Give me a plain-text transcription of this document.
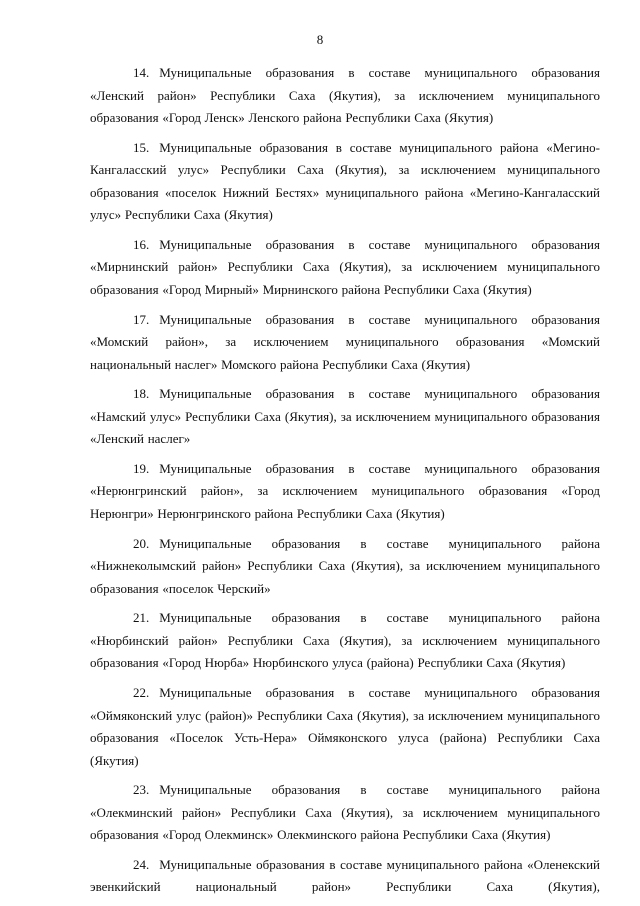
8

14. Муниципальные образования в составе муниципального образования «Ленский район» Республики Саха (Якутия), за исключением муниципального образования «Город Ленск» Ленского района Республики Саха (Якутия)

15. Муниципальные образования в составе муниципального района «Мегино-Кангаласский улус» Республики Саха (Якутия), за исключением муниципального образования «поселок Нижний Бестях» муниципального района «Мегино-Кангаласский улус» Республики Саха (Якутия)

16. Муниципальные образования в составе муниципального образования «Мирнинский район» Республики Саха (Якутия), за исключением муниципального образования «Город Мирный» Мирнинского района Республики Саха (Якутия)

17. Муниципальные образования в составе муниципального образования «Момский район», за исключением муниципального образования «Момский национальный наслег» Момского района Республики Саха (Якутия)

18. Муниципальные образования в составе муниципального образования «Намский улус» Республики Саха (Якутия), за исключением муниципального образования «Ленский наслег»

19. Муниципальные образования в составе муниципального образования «Нерюнгринский район», за исключением муниципального образования «Город Нерюнгри» Нерюнгринского района Республики Саха (Якутия)

20. Муниципальные образования в составе муниципального района «Нижнеколымский район» Республики Саха (Якутия), за исключением муниципального образования «поселок Черский»

21. Муниципальные образования в составе муниципального района «Нюрбинский район» Республики Саха (Якутия), за исключением муниципального образования «Город Нюрба» Нюрбинского улуса (района) Республики Саха (Якутия)

22. Муниципальные образования в составе муниципального образования «Оймяконский улус (район)» Республики Саха (Якутия), за исключением муниципального образования «Поселок Усть-Нера» Оймяконского улуса (района) Республики Саха (Якутия)

23. Муниципальные образования в составе муниципального района «Олекминский район» Республики Саха (Якутия), за исключением муниципального образования «Город Олекминск» Олекминского района Республики Саха (Якутия)

24. Муниципальные образования в составе муниципального района «Оленекский эвенкийский национальный район» Республики Саха (Якутия),
